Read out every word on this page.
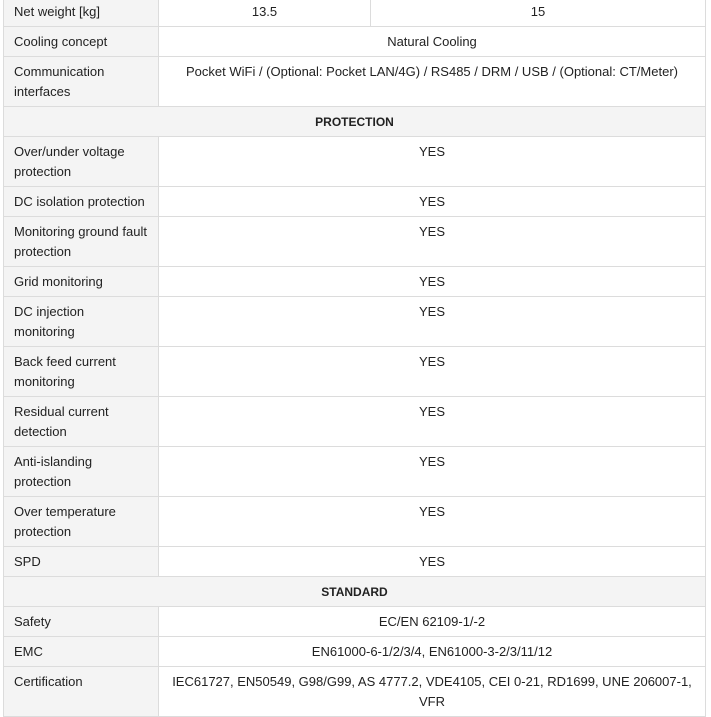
Net weight [kg]	13.5	15
Cooling concept	Natural Cooling	
Communication interfaces	Pocket WiFi / (Optional: Pocket LAN/4G) / RS485 / DRM / USB / (Optional: CT/Meter)	
PROTECTION		
Over/under voltage protection	YES	
DC isolation protection	YES	
Monitoring ground fault protection	YES	
Grid monitoring	YES	
DC injection monitoring	YES	
Back feed current monitoring	YES	
Residual current detection	YES	
Anti-islanding protection	YES	
Over temperature protection	YES	
SPD	YES	
STANDARD		
Safety	EC/EN 62109-1/-2	
EMC	EN61000-6-1/2/3/4, EN61000-3-2/3/11/12	
Certification	IEC61727, EN50549, G98/G99, AS 4777.2, VDE4105, CEI 0-21, RD1699, UNE 206007-1, VFR	
